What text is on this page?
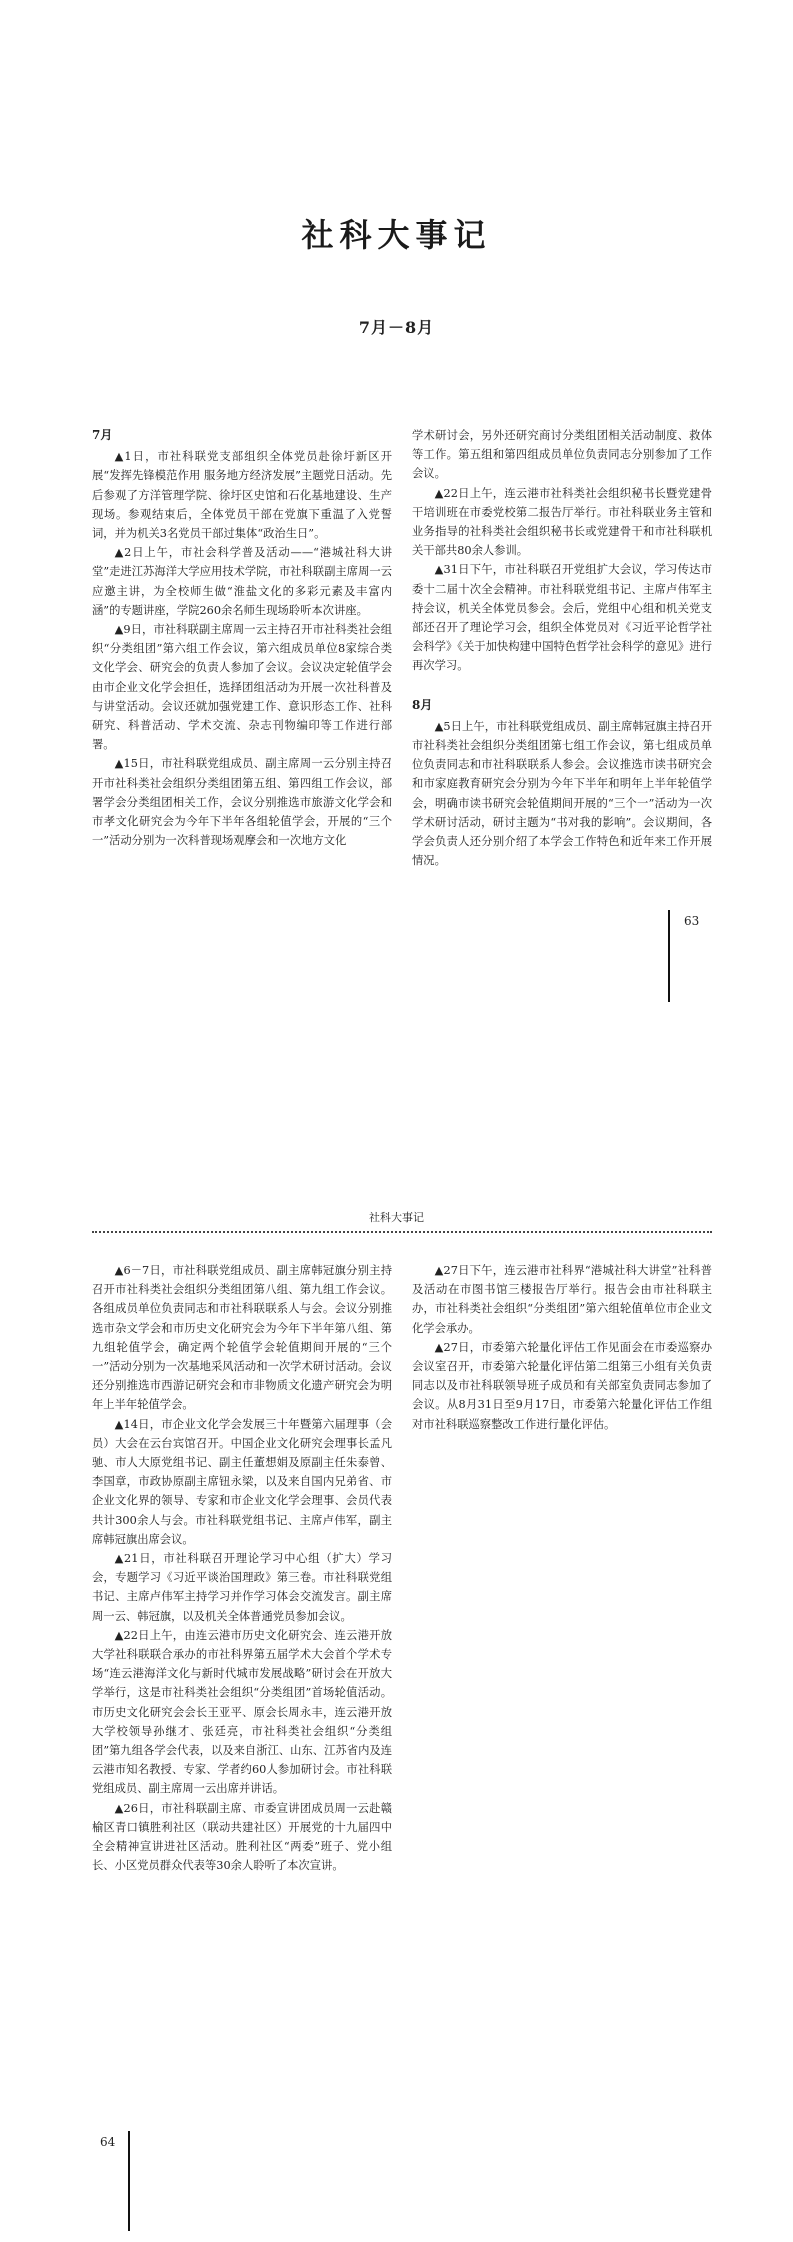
社科大事记
7月－8月

7月

▲1日，市社科联党支部组织全体党员赴徐圩新区开展“发挥先锋模范作用 服务地方经济发展”主题党日活动。先后参观了方洋管理学院、徐圩区史馆和石化基地建设、生产现场。参观结束后，全体党员干部在党旗下重温了入党誓词，并为机关3名党员干部过集体“政治生日”。

▲2日上午，市社会科学普及活动——“港城社科大讲堂”走进江苏海洋大学应用技术学院，市社科联副主席周一云应邀主讲，为全校师生做“淮盐文化的多彩元素及丰富内涵”的专题讲座，学院260余名师生现场聆听本次讲座。

▲9日，市社科联副主席周一云主持召开市社科类社会组织“分类组团”第六组工作会议，第六组成员单位8家综合类文化学会、研究会的负责人参加了会议。会议决定轮值学会由市企业文化学会担任，选择团组活动为开展一次社科普及与讲堂活动。会议还就加强党建工作、意识形态工作、社科研究、科普活动、学术交流、杂志刊物编印等工作进行部署。

▲15日，市社科联党组成员、副主席周一云分别主持召开市社科类社会组织分类组团第五组、第四组工作会议，部署学会分类组团相关工作，会议分别推选市旅游文化学会和市孝文化研究会为今年下半年各组轮值学会，开展的“三个一”活动分别为一次科普现场观摩会和一次地方文化

学术研讨会，另外还研究商讨分类组团相关活动制度、救体等工作。第五组和第四组成员单位负责同志分别参加了工作会议。

▲22日上午，连云港市社科类社会组织秘书长暨党建骨干培训班在市委党校第二报告厅举行。市社科联业务主管和业务指导的社科类社会组织秘书长或党建骨干和市社科联机关干部共80余人参训。

▲31日下午，市社科联召开党组扩大会议，学习传达市委十二届十次全会精神。市社科联党组书记、主席卢伟军主持会议，机关全体党员参会。会后，党组中心组和机关党支部还召开了理论学习会，组织全体党员对《习近平论哲学社会科学》《关于加快构建中国特色哲学社会科学的意见》进行再次学习。

8月

▲5日上午，市社科联党组成员、副主席韩冠旗主持召开市社科类社会组织分类组团第七组工作会议，第七组成员单位负责同志和市社科联联系人参会。会议推选市读书研究会和市家庭教育研究会分别为今年下半年和明年上半年轮值学会，明确市读书研究会轮值期间开展的“三个一”活动为一次学术研讨活动，研讨主题为“书对我的影响”。会议期间，各学会负责人还分别介绍了本学会工作特色和近年来工作开展情况。

63
社科大事记

▲6－7日，市社科联党组成员、副主席韩冠旗分别主持召开市社科类社会组织分类组团第八组、第九组工作会议。各组成员单位负责同志和市社科联联系人与会。会议分别推选市杂文学会和市历史文化研究会为今年下半年第八组、第九组轮值学会，确定两个轮值学会轮值期间开展的“三个一”活动分别为一次基地采风活动和一次学术研讨活动。会议还分别推选市西游记研究会和市非物质文化遗产研究会为明年上半年轮值学会。

▲14日，市企业文化学会发展三十年暨第六届理事（会员）大会在云台宾馆召开。中国企业文化研究会理事长孟凡驰、市人大原党组书记、副主任董想娟及原副主任朱泰曾、李国章，市政协原副主席钮永梁，以及来自国内兄弟省、市企业文化界的领导、专家和市企业文化学会理事、会员代表共计300余人与会。市社科联党组书记、主席卢伟军，副主席韩冠旗出席会议。

▲21日，市社科联召开理论学习中心组（扩大）学习会，专题学习《习近平谈治国理政》第三卷。市社科联党组书记、主席卢伟军主持学习并作学习体会交流发言。副主席周一云、韩冠旗，以及机关全体普通党员参加会议。

▲22日上午，由连云港市历史文化研究会、连云港开放大学社科联联合承办的市社科界第五届学术大会首个学术专场“连云港海洋文化与新时代城市发展战略”研讨会在开放大学举行，这是市社科类社会组织“分类组团”首场轮值活动。市历史文化研究会会长王亚平、原会长周永丰，连云港开放大学校领导孙继才、张廷亮，市社科类社会组织“分类组团”第九组各学会代表，以及来自浙江、山东、江苏省内及连云港市知名教授、专家、学者约60人参加研讨会。市社科联党组成员、副主席周一云出席并讲话。

▲26日，市社科联副主席、市委宣讲团成员周一云赴赣榆区青口镇胜利社区（联动共建社区）开展党的十九届四中全会精神宣讲进社区活动。胜利社区“两委”班子、党小组长、小区党员群众代表等30余人聆听了本次宣讲。

▲27日下午，连云港市社科界“港城社科大讲堂”社科普及活动在市图书馆三楼报告厅举行。报告会由市社科联主办，市社科类社会组织“分类组团”第六组轮值单位市企业文化学会承办。

▲27日，市委第六轮量化评估工作见面会在市委巡察办会议室召开，市委第六轮量化评估第二组第三小组有关负责同志以及市社科联领导班子成员和有关部室负责同志参加了会议。从8月31日至9月17日，市委第六轮量化评估工作组对市社科联巡察整改工作进行量化评估。

64
